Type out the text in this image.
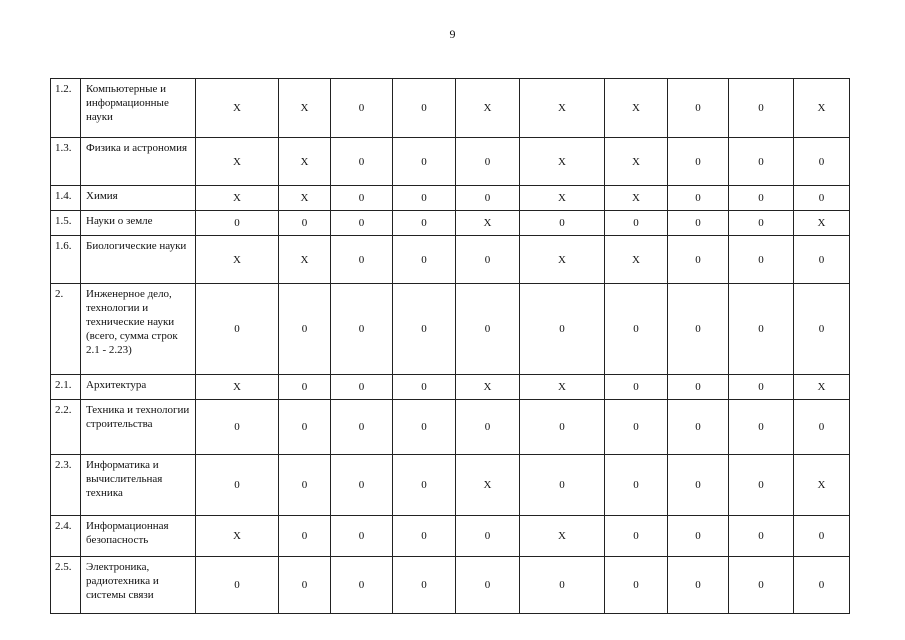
9
1.2.	Компьютерные и информационные науки	Х	Х	0	0	Х	Х	Х	0	0	Х
1.3.	Физика и астрономия	Х	Х	0	0	0	Х	Х	0	0	0
1.4.	Химия	Х	Х	0	0	0	Х	Х	0	0	0
1.5.	Науки о земле	0	0	0	0	Х	0	0	0	0	Х
1.6.	Биологические науки	Х	Х	0	0	0	Х	Х	0	0	0
2.	Инженерное дело, технологии и технические науки (всего, сумма строк 2.1 - 2.23)	0	0	0	0	0	0	0	0	0	0
2.1.	Архитектура	Х	0	0	0	Х	Х	0	0	0	Х
2.2.	Техника и технологии строительства	0	0	0	0	0	0	0	0	0	0
2.3.	Информатика и вычислительная техника	0	0	0	0	Х	0	0	0	0	Х
2.4.	Информационная безопасность	Х	0	0	0	0	Х	0	0	0	0
2.5.	Электроника, радиотехника и системы связи	0	0	0	0	0	0	0	0	0	0
